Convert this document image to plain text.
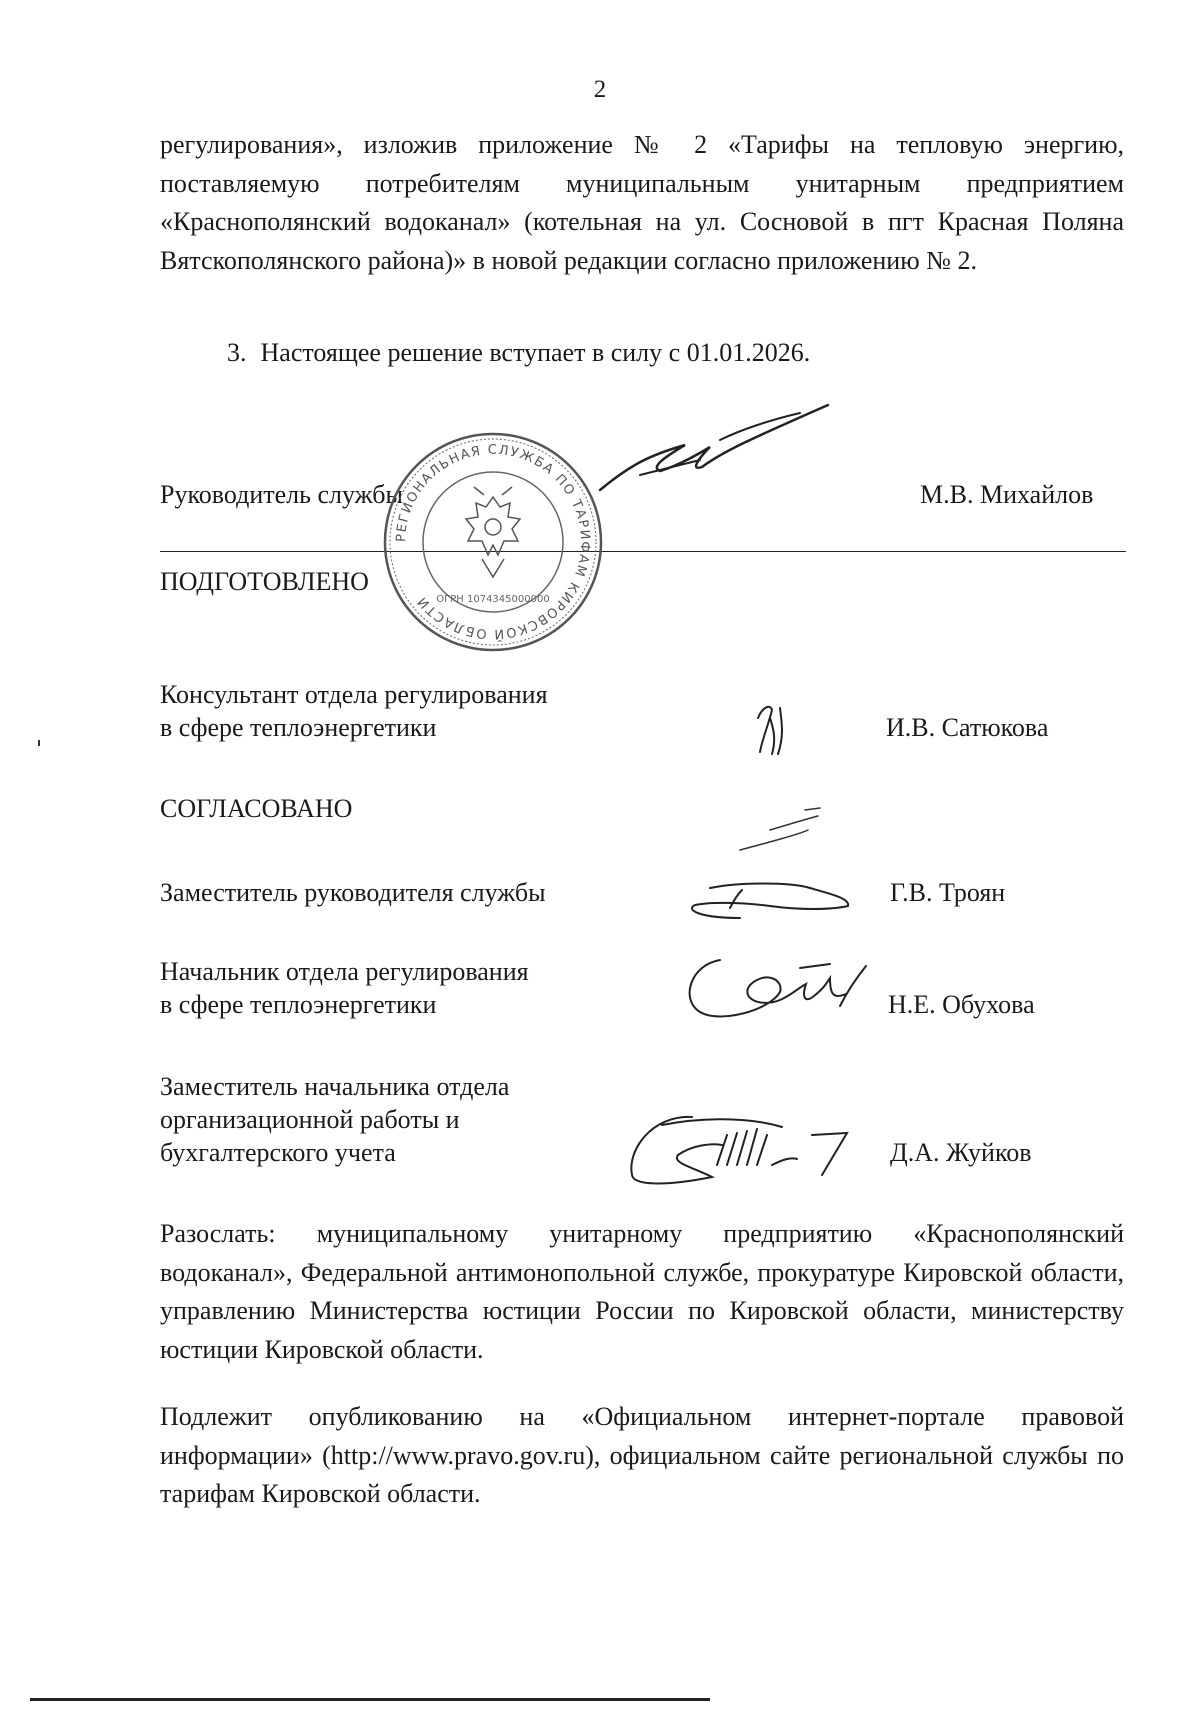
2
регулирования», изложив приложение № 2 «Тарифы на тепловую энергию, поставляемую потребителям муниципальным унитарным предприятием «Краснополянский водоканал» (котельная на ул. Сосновой в пгт Красная Поляна Вятскополянского района)» в новой редакции согласно приложению № 2.
3. Настоящее решение вступает в силу с 01.01.2026.
Руководитель службы	М.В. Михайлов
РЕГИОНАЛЬНАЯ СЛУЖБА ПО ТАРИФАМ КИРОВСКОЙ ОБЛАСТИ ОГРН 1074345000000
ПОДГОТОВЛЕНО
Консультант отдела регулирования
в сфере теплоэнергетики	И.В. Сатюкова
СОГЛАСОВАНО
Заместитель руководителя службы	Г.В. Троян
Начальник отдела регулирования
в сфере теплоэнергетики	Н.Е. Обухова
Заместитель начальника отдела
организационной работы и
бухгалтерского учета	Д.А. Жуйков
Разослать: муниципальному унитарному предприятию «Краснополянский водоканал», Федеральной антимонопольной службе, прокуратуре Кировской области, управлению Министерства юстиции России по Кировской области, министерству юстиции Кировской области.
Подлежит опубликованию на «Официальном интернет-портале правовой информации» (http://www.pravo.gov.ru), официальном сайте региональной службы по тарифам Кировской области.
